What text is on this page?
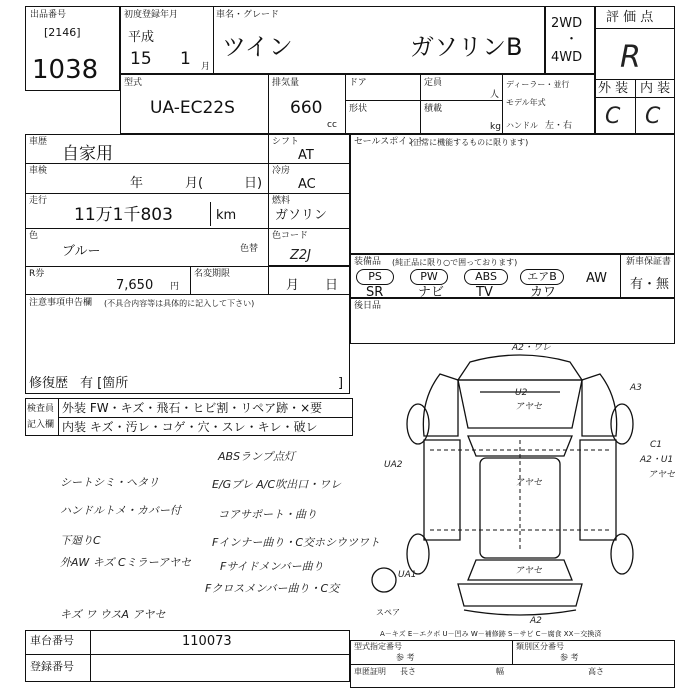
出品番号
[2146]
1038
初度登録年月
平成
15 1 月
車名・グレード
ツイン	ガソリンB
2WD
・
4WD
評 価 点
R
外 装 内 装
C C
型式
UA-EC22S
排気量
660
cc
ドア
形状
定員
人
積載
kg
ディーラー・並行
モデル年式
ハンドル 左・右
車歴
自家用
車検
年	月(	日)
走行
11万1千803	km
色
ブルー	色替
R券
7,650 円
名変期限
月 日
注意事項申告欄 (不具合内容等は具体的に記入して下さい)
修復歴 有 [箇所	]
シフト
AT
冷房
AC
燃料
ガソリン
色コード
Z2J
セールスポイント
(正常に機能するものに限ります)
装備品 (純正品に限り○で囲っております)	新車保証書
有・無
PS	PW	ABS	エアB	AW
SR	ナビ TV	カワ
後日品
検査員
記入欄
外装 FW・キズ・飛石・ヒビ割・リペア跡・×要
内装 キズ・汚レ・コゲ・穴・スレ・キレ・破レ
ABSランプ点灯
シートシミ・ヘタリ	E/Gブレ A/C吹出口・ワレ
ハンドルトメ・カバー付	コアサポート・曲り
下廻りC	Fインナー曲り・C交ホシウツワト
外AW キズ Cミラーアヤセ	Fサイドメンバー曲り
Fクロスメンバー曲り・C交
キズ ワ ウスA アヤセ
A2・ワレ
U2
アヤセ
A3
C1
A2・U1
アヤセ
UA2
アヤセ
UA1	アヤセ
スペア
A2
A－キズ E－エクボ U－凹み W－補修跡 S－サビ C－腐食 XX－交換済
車台番号	110073
登録番号
型式指定番号
参 考
類別区分番号
参 考
車匿証明 長さ	幅	高さ
